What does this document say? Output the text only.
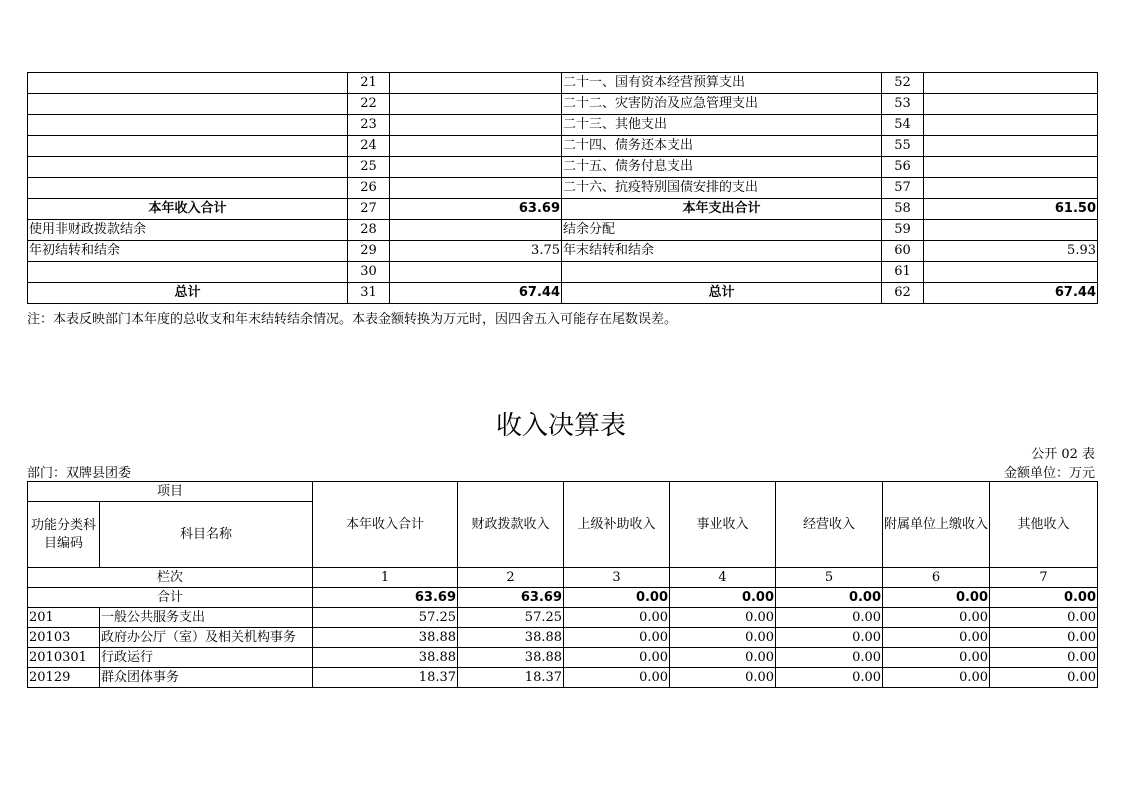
	21		二十一、国有资本经营预算支出	52	
	22		二十二、灾害防治及应急管理支出	53	
	23		二十三、其他支出	54	
	24		二十四、债务还本支出	55	
	25		二十五、债务付息支出	56	
	26		二十六、抗疫特别国债安排的支出	57	
本年收入合计	27	63.69	本年支出合计	58	61.50
使用非财政拨款结余	28		结余分配	59	
年初结转和结余	29	3.75	年末结转和结余	60	5.93
	30			61	
总计	31	67.44	总计	62	67.44
注：本表反映部门本年度的总收支和年末结转结余情况。本表金额转换为万元时，因四舍五入可能存在尾数误差。
收入决算表
公开 02 表
部门：双牌县团委	金额单位：万元
项目		本年收入合计	财政拨款收入	上级补助收入	事业收入	经营收入	附属单位上缴收入	其他收入
功能分类科目编码	科目名称							
栏次		1	2	3	4	5	6	7
合计		63.69	63.69	0.00	0.00	0.00	0.00	0.00
201	一般公共服务支出	57.25	57.25	0.00	0.00	0.00	0.00	0.00
20103	政府办公厅（室）及相关机构事务	38.88	38.88	0.00	0.00	0.00	0.00	0.00
2010301	行政运行	38.88	38.88	0.00	0.00	0.00	0.00	0.00
20129	群众团体事务	18.37	18.37	0.00	0.00	0.00	0.00	0.00
